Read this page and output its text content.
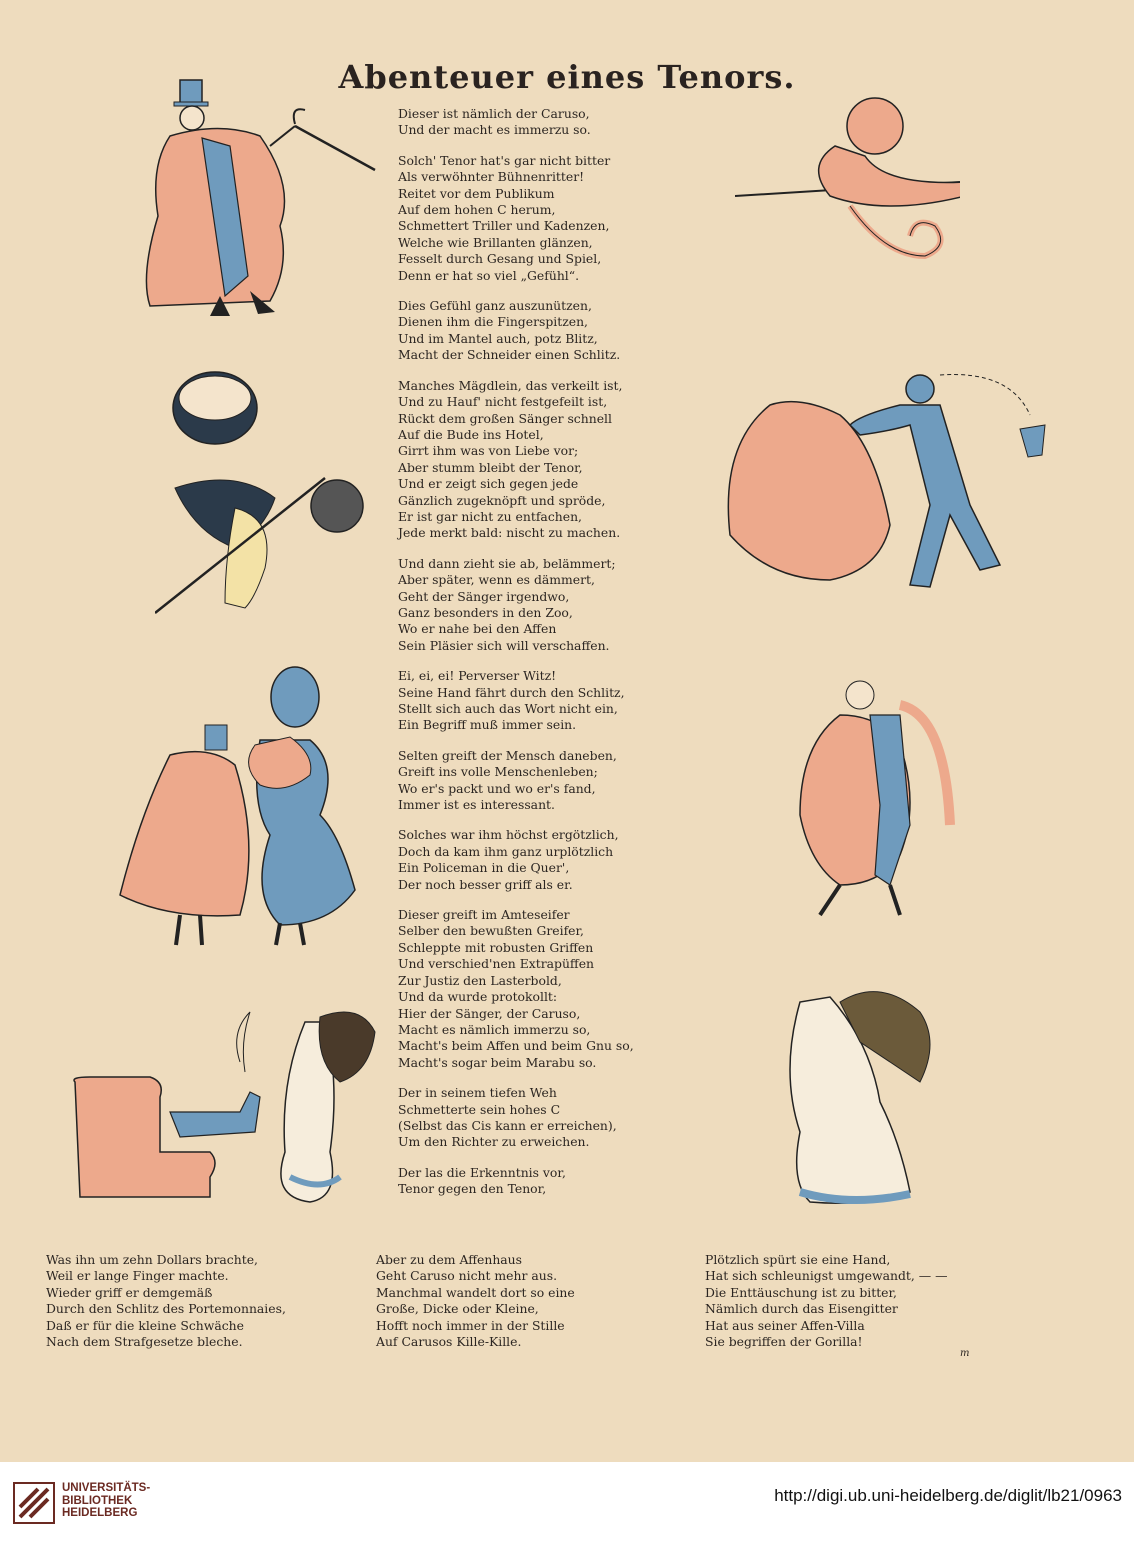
Abenteuer eines Tenors.
Dieser ist nämlich der Caruso,
Und der macht es immerzu so.
Solch' Tenor hat's gar nicht bitter
Als verwöhnter Bühnenritter!
Reitet vor dem Publikum
Auf dem hohen C herum,
Schmettert Triller und Kadenzen,
Welche wie Brillanten glänzen,
Fesselt durch Gesang und Spiel,
Denn er hat so viel „Gefühl“.
Dies Gefühl ganz auszunützen,
Dienen ihm die Fingerspitzen,
Und im Mantel auch, potz Blitz,
Macht der Schneider einen Schlitz.
Manches Mägdlein, das verkeilt ist,
Und zu Hauf' nicht festgefeilt ist,
Rückt dem großen Sänger schnell
Auf die Bude ins Hotel,
Girrt ihm was von Liebe vor;
Aber stumm bleibt der Tenor,
Und er zeigt sich gegen jede
Gänzlich zugeknöpft und spröde,
Er ist gar nicht zu entfachen,
Jede merkt bald: nischt zu machen.
Und dann zieht sie ab, belämmert;
Aber später, wenn es dämmert,
Geht der Sänger irgendwo,
Ganz besonders in den Zoo,
Wo er nahe bei den Affen
Sein Pläsier sich will verschaffen.
Ei, ei, ei! Perverser Witz!
Seine Hand fährt durch den Schlitz,
Stellt sich auch das Wort nicht ein,
Ein Begriff muß immer sein.
Selten greift der Mensch daneben,
Greift ins volle Menschenleben;
Wo er's packt und wo er's fand,
Immer ist es interessant.
Solches war ihm höchst ergötzlich,
Doch da kam ihm ganz urplötzlich
Ein Policeman in die Quer',
Der noch besser griff als er.
Dieser greift im Amteseifer
Selber den bewußten Greifer,
Schleppte mit robusten Griffen
Und verschied'nen Extrapüffen
Zur Justiz den Lasterbold,
Und da wurde protokollt:
Hier der Sänger, der Caruso,
Macht es nämlich immerzu so,
Macht's beim Affen und beim Gnu so,
Macht's sogar beim Marabu so.
Der in seinem tiefen Weh
Schmetterte sein hohes C
(Selbst das Cis kann er erreichen),
Um den Richter zu erweichen.
Der las die Erkenntnis vor,
Tenor gegen den Tenor,
Was ihn um zehn Dollars brachte,
Weil er lange Finger machte.
Wieder griff er demgemäß
Durch den Schlitz des Portemonnaies,
Daß er für die kleine Schwäche
Nach dem Strafgesetze bleche.
Aber zu dem Affenhaus
Geht Caruso nicht mehr aus.
Manchmal wandelt dort so eine
Große, Dicke oder Kleine,
Hofft noch immer in der Stille
Auf Carusos Kille-Kille.
Plötzlich spürt sie eine Hand,
Hat sich schleunigst umgewandt, — —
Die Enttäuschung ist zu bitter,
Nämlich durch das Eisengitter
Hat aus seiner Affen-Villa
Sie begriffen der Gorilla!
m
UNIVERSITÄTS-
BIBLIOTHEK
HEIDELBERG
http://digi.ub.uni-heidelberg.de/diglit/lb21/0963
